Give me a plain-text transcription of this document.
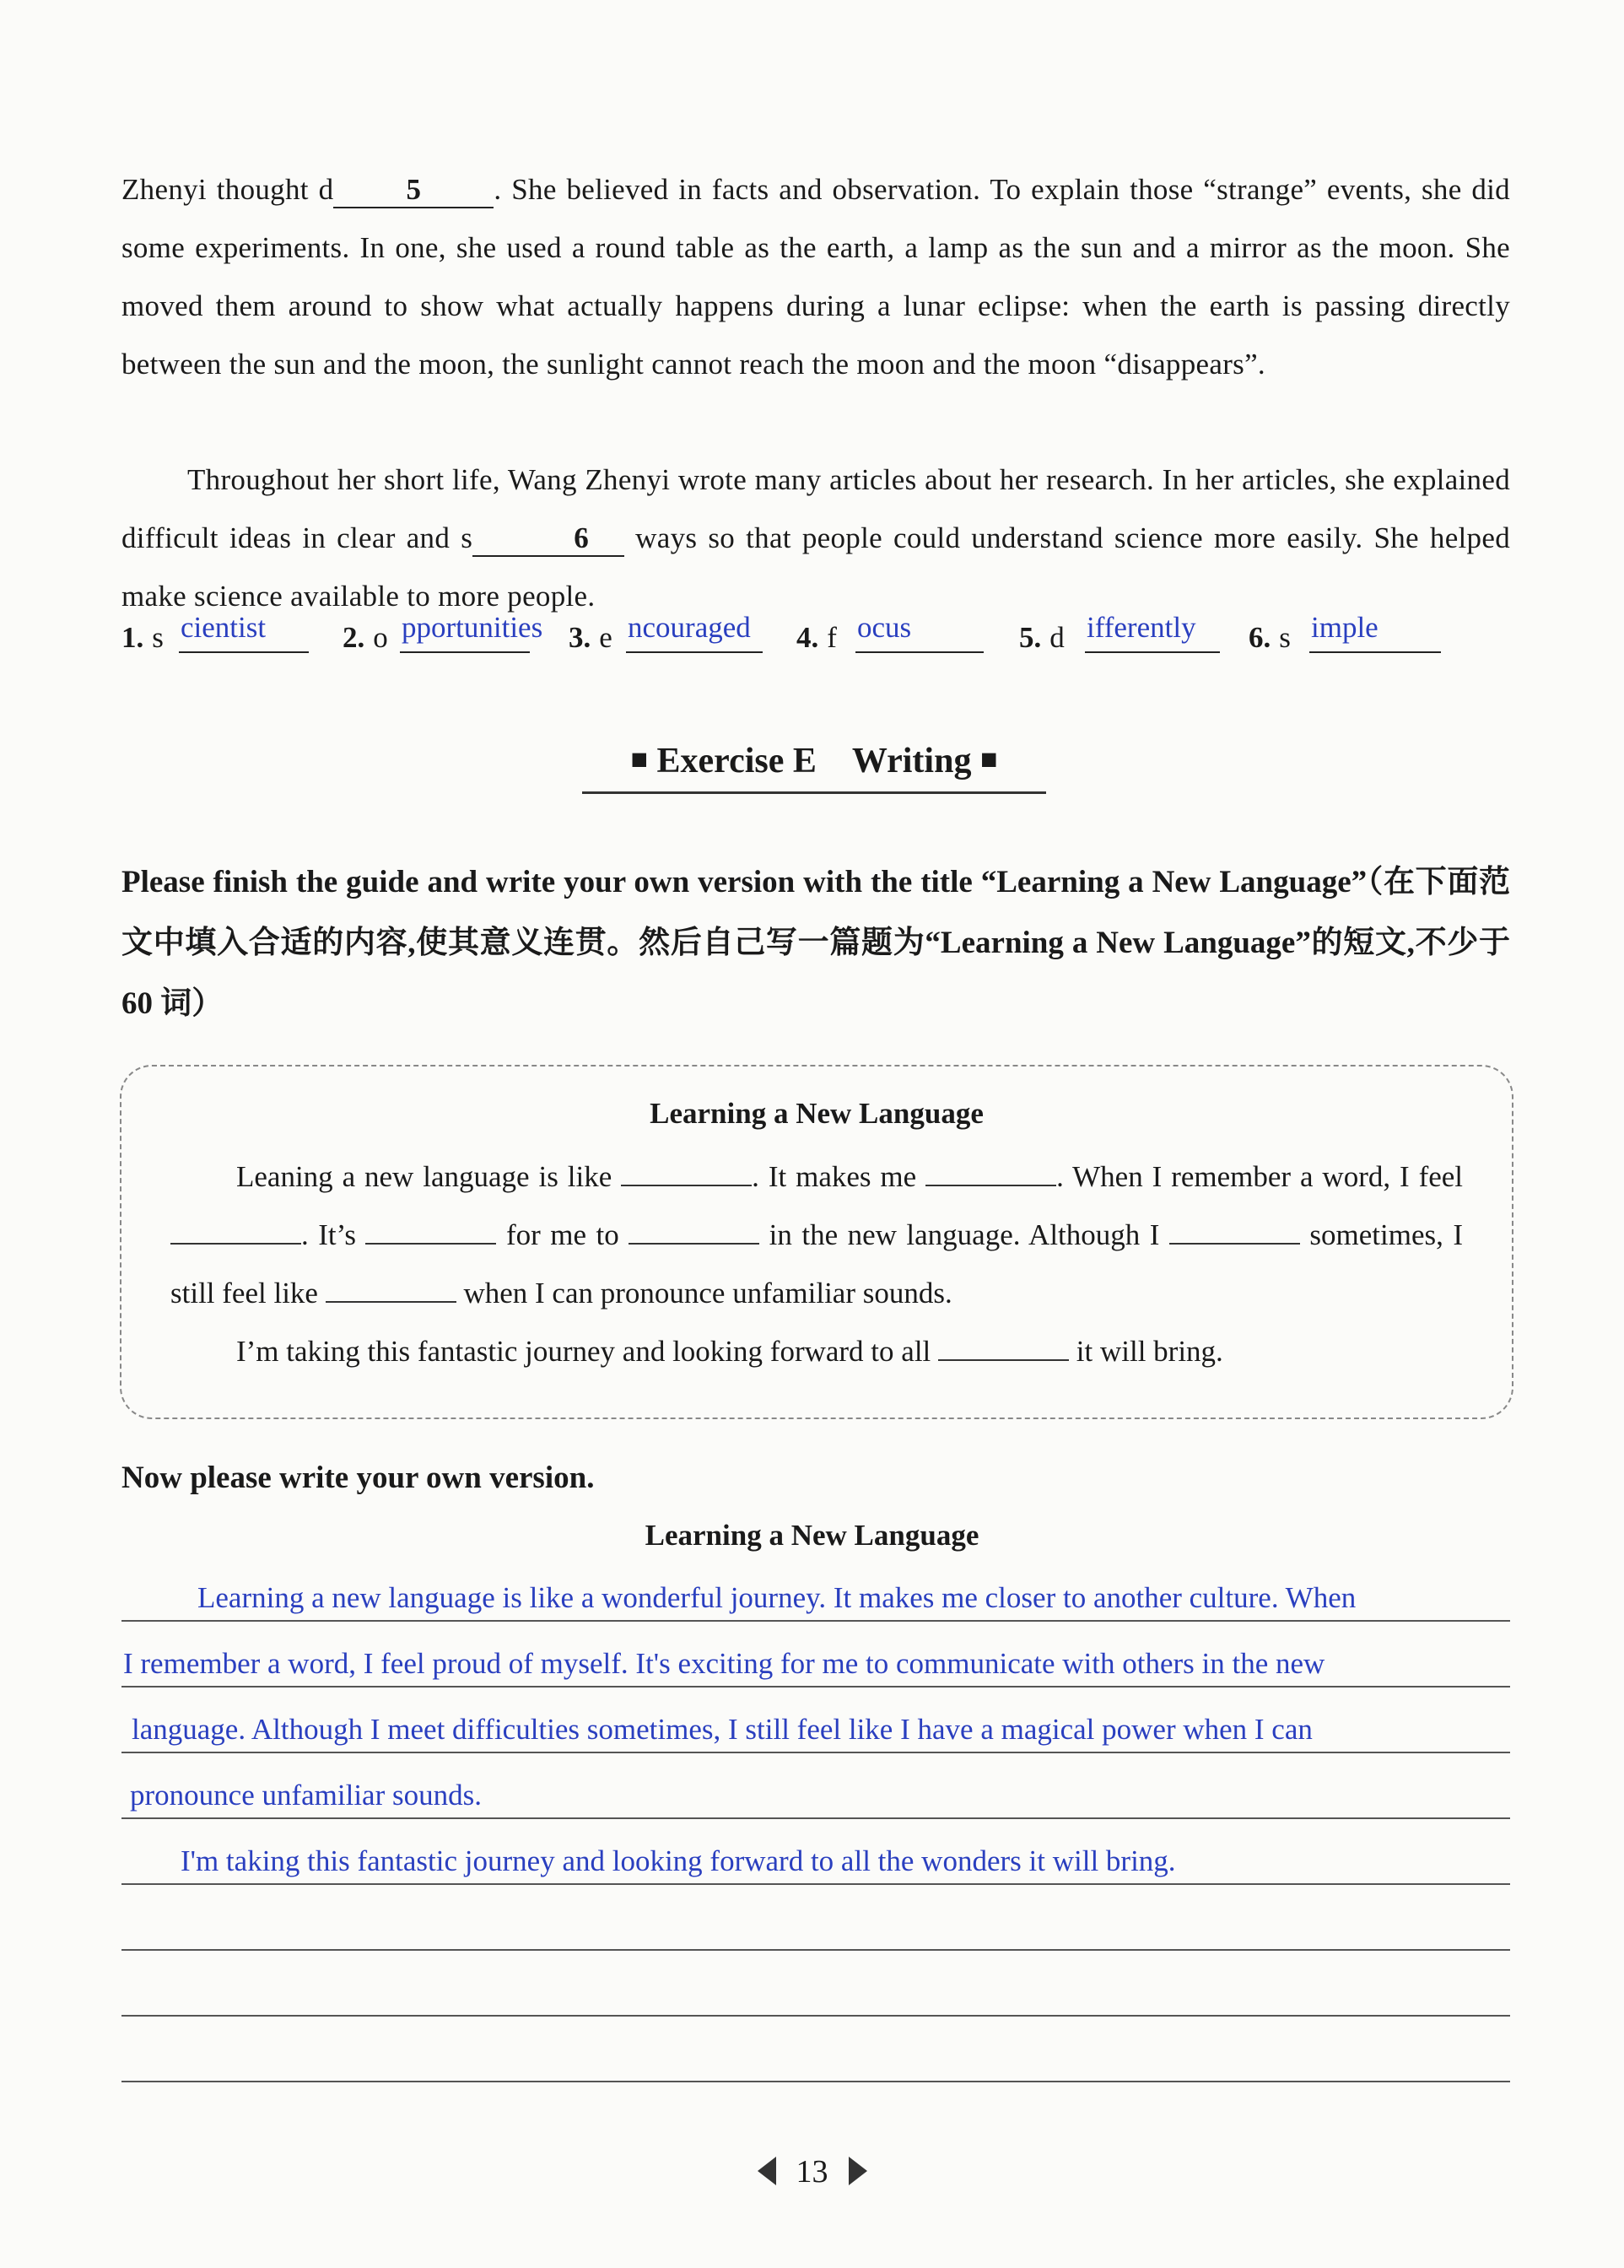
Zhenyi thought d 5 . She believed in facts and observation. To explain those “strange” events, she did some experiments. In one, she used a round table as the earth, a lamp as the sun and a mirror as the moon. She moved them around to show what actually happens during a lunar eclipse: when the earth is passing directly between the sun and the moon, the sunlight cannot reach the moon and the moon “disappears”.
Throughout her short life, Wang Zhenyi wrote many articles about her research. In her articles, she explained difficult ideas in clear and s	6 ways so that people could understand science more easily. She helped make science available to more people.
1. s cientist	2. o pportunities 3. e ncouraged	4. f ocus	5. d ifferently	6. s imple
■ Exercise E Writing ■
Please finish the guide and write your own version with the title “Learning a New Language”（在下面范文中填入合适的内容,使其意义连贯。然后自己写一篇题为“Learning a New Language”的短文,不少于 60 词）
Learning a New Language
Leaning a new language is like	. It makes me	. When I remember a word, I feel . It’s	for me to	in the new language. Although I	sometimes, I still feel like	when I can pronounce unfamiliar sounds.
I’m taking this fantastic journey and looking forward to all	it will bring.
Now please write your own version.
Learning a New Language
Learning a new language is like a wonderful journey. It makes me closer to another culture. When
I remember a word, I feel proud of myself. It's exciting for me to communicate with others in the new
language. Although I meet difficulties sometimes, I still feel like I have a magical power when I can
pronounce unfamiliar sounds.
I'm taking this fantastic journey and looking forward to all the wonders it will bring.
13
